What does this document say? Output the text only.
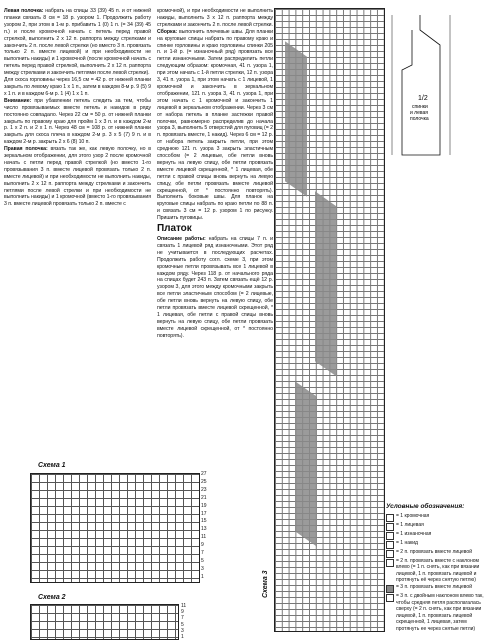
Левая полочка: набрать на спицы 33 (39) 45 п. и от нижней планки связать 8 см = 18 р. узором 1. Продолжить работу узором 2, при этом в 1-м р. прибавить 1 (0) 1 п. (= 34 (39) 45 п.) и после кромочной начать с петель перед правой стрелкой, выполнить 2 х 12 п. раппорта между стрелками и закончить 2 п. после левой стрелки (но вместо 3 п. провязать только 2 п. вместе лицевой) и при необходимости не выполнить накиды) и 1 кромочной (после кромочной начать с петель перед правой стрелкой, выполнить 2 х 12 п. раппорта между стрелками и закончить петлями после левой стрелки).

Для скоса горловины через 16,5 см = 42 р. от нижней планки закрыть по левому краю 1 х 1 п., затем в каждом 8-м р. 9 (5) 9 х 1 п. и в каждом 6-м р. 1 (4) 1 х 1 п.

Внимание: при убавлении петель следить за тем, чтобы число провязываемых вместе петель и накидов в ряду постоянно совпадало. Через 22 см = 50 р. от нижней планки закрыть по правому краю для пройм 1 х 3 п. и в каждом 2-м р. 1 х 2 п. и 2 х 1 п. Через 48 см = 108 р. от нижней планки закрыть для скоса плеча в каждом 2-м р. 3 х 5 (7) 9 п. и в каждом 2-м р. закрыть 2 х 6 (8) 10 п.

Правая полочка: вязать так же, как левую полочку, но в зеркальном отображении, для этого узор 2 после кромочной начать с петли перед правой стрелкой (но вместо 1-го провязывания 3 п. вместе лицевой провязать только 2 п. вместе лицевой) и при необходимости не выполнить накиды, выполнить 2 х 12 п. раппорта между стрелками и закончить петлями после левой стрелки и при необходимости не выполнить накиды) и 1 кромочной (вместо 1-го провязывания 3 п. вместе лицевой провязать только 2 п. вместе с

кромочной), и при необходимости не выполнить накиды, выполнить 3 х 12 п. раппорта между стрелками и закончить 2 п. после левой стрелки.

Сборка: выполнить плечевые швы. Для планки на круговые спицы набрать по правому краю и спинке горловины и краю горловины спинки 205 п. и 1-й р. (= изнаночный ряд) провязать все петли изнаночными. Затем распределить петли следующим образом: кромочная, 41 п. узора 1, при этом начать с 1-й петли стрелки, 12 п. узора 3, 41 п. узора 1, при этом начать с 1 лицевой, 1 кромочной и закончить в зеркальном отображении, 121 п. узора 3, 41 п. узора 1, при этом начать с 1 кромочной и закончить 1 лицевой в зеркальном отображении. Через 3 см от набора петель в планке застежки правой полочки, равномерно распределив до начала узора 3, выполнить 5 отверстий для пуговиц (= 2 п. провязать вместе, 1 накид). Через 6 см = 12 р. от набора петель закрыть петли, при этом среднюю 121 п. узора 3 закрыть эластичным способом (= 2 лицевые, обе петли вновь вернуть на левую спицу, обе петли провязать вместе лицевой скрещенной, * 1 лицевая, обе петли с правой спицы вновь вернуть на левую спицу, обе петли провязать вместе лицевой скрещенной, от * постоянно повторять). Выполнить боковые швы. Для планок на круговые спицы набрать по краю петли по 88 п. и связать 3 см = 12 р. узором 1 по рисунку. Пришить пуговицы.

Платок

Описание работы: набрать на спицы 7 п. и связать 1 лицевой ряд изнаночными. Этот ряд не учитывается в последующих расчетах. Продолжить работу согл. схеме 3, при этом кромочные петли провязывать все 1 лицевой в каждом ряду. Через 118 р. от начального ряда на спицах будет 243 п. Затем связать ещё 12 р. узором 3, для этого между кромочными закрыть все петли эластичным способом (= 2 лицевые, обе петли вновь вернуть на левую спицу, обе петли провязать вместе лицевой скрещенной, * 1 лицевая, обе петли с правой спицы вновь вернуть на левую спицу, обе петли провязать вместе лицевой скрещенной, от * постоянно повторять).

Схема 1
27
25
23
21
19
17
15
13
11
9
7
5
3
1
Схема 2
11
9
7
5
3
1
Схема 3
1/2
спинки
и левая
полочка
Условные обозначения:
= 1 кромочная
= 1 лицевая
= 1 изнаночная
= 1 накид
= 2 п. провязать вместе лицевой
= 2 п. провязать вместе с наклоном влево (= 1 п. снять, как при вязании лицевой, 1 п. провязать лицевой и протянуть её через снятую петлю)
= 3 п. провязать вместе лицевой
= 3 п. с двойным наклоном влево так, чтобы средняя петля располагалась сверху (= 2 п. снять, как при вязании лицевой, 1 п. провязать лицевой скрещенной, 1 лицевая, затем протянуть ее через снятые петли)
